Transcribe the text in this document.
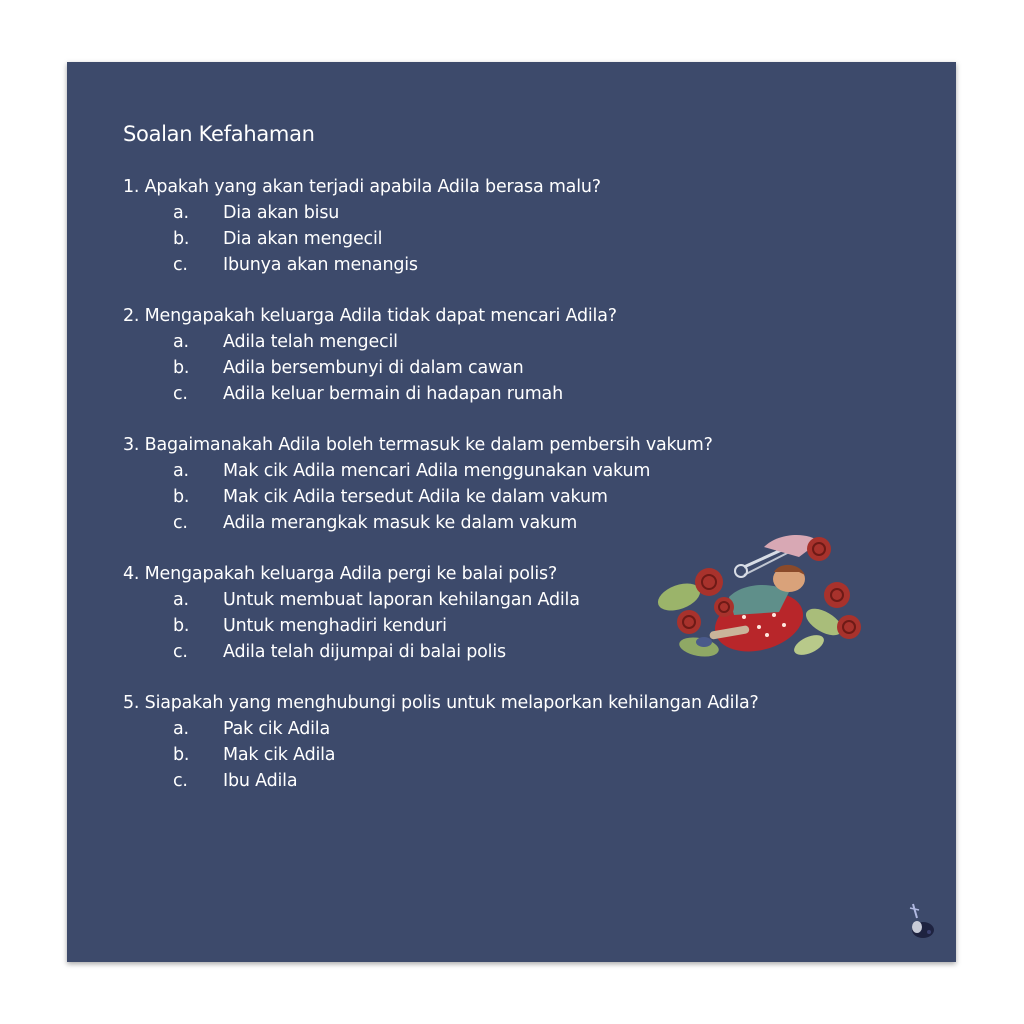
Soalan Kefahaman
1. Apakah yang akan terjadi apabila Adila berasa malu?
a.	Dia akan bisu
b.	Dia akan mengecil
c.	Ibunya akan menangis
2. Mengapakah keluarga Adila tidak dapat mencari Adila?
a.	Adila telah mengecil
b.	Adila bersembunyi di dalam cawan
c.	Adila keluar bermain di hadapan rumah
3. Bagaimanakah Adila boleh termasuk ke dalam pembersih vakum?
a.	Mak cik Adila mencari Adila menggunakan vakum
b.	Mak cik Adila tersedut Adila ke dalam vakum
c.	Adila merangkak masuk ke dalam vakum
4. Mengapakah keluarga Adila pergi ke balai polis?
a.	Untuk membuat laporan kehilangan Adila
b.	Untuk menghadiri kenduri
c.	Adila telah dijumpai di balai polis
5. Siapakah yang menghubungi polis untuk melaporkan kehilangan Adila?
a.	Pak cik Adila
b.	Mak cik Adila
c.	Ibu Adila
